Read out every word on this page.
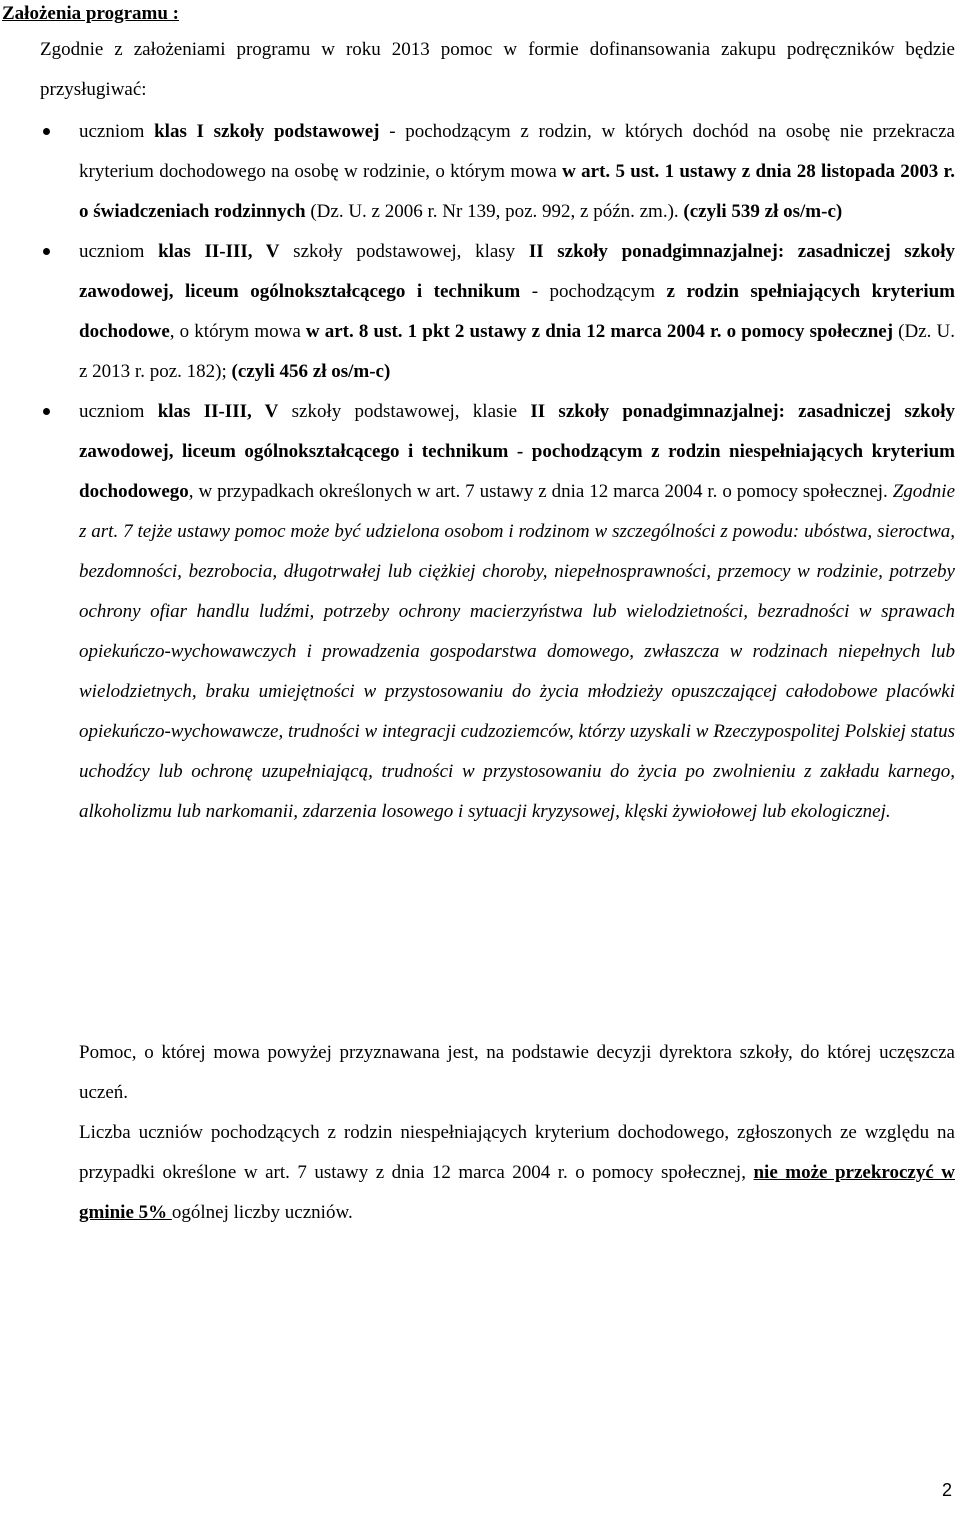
Założenia programu :
Zgodnie z założeniami programu w roku 2013 pomoc w formie dofinansowania zakupu podręczników będzie przysługiwać:
uczniom klas I szkoły podstawowej - pochodzącym z rodzin, w których dochód na osobę nie przekracza kryterium dochodowego na osobę w rodzinie, o którym mowa w art. 5 ust. 1 ustawy z dnia 28 listopada 2003 r. o świadczeniach rodzinnych (Dz. U. z 2006 r. Nr 139, poz. 992, z późn. zm.). (czyli 539 zł os/m-c)
uczniom klas II-III, V szkoły podstawowej, klasy II szkoły ponadgimnazjalnej: zasadniczej szkoły zawodowej, liceum ogólnokształcącego i technikum - pochodzącym z rodzin spełniających kryterium dochodowe, o którym mowa w art. 8 ust. 1 pkt 2 ustawy z dnia 12 marca 2004 r. o pomocy społecznej (Dz. U. z 2013 r. poz. 182); (czyli 456 zł os/m-c)
uczniom klas II-III, V szkoły podstawowej, klasie II szkoły ponadgimnazjalnej: zasadniczej szkoły zawodowej, liceum ogólnokształcącego i technikum - pochodzącym z rodzin niespełniających kryterium dochodowego, w przypadkach określonych w art. 7 ustawy z dnia 12 marca 2004 r. o pomocy społecznej. Zgodnie z art. 7 tejże ustawy pomoc może być udzielona osobom i rodzinom w szczególności z powodu: ubóstwa, sieroctwa, bezdomności, bezrobocia, długotrwałej lub ciężkiej choroby, niepełnosprawności, przemocy w rodzinie, potrzeby ochrony ofiar handlu ludźmi, potrzeby ochrony macierzyństwa lub wielodzietności, bezradności w sprawach opiekuńczo-wychowawczych i prowadzenia gospodarstwa domowego, zwłaszcza w rodzinach niepełnych lub wielodzietnych, braku umiejętności w przystosowaniu do życia młodzieży opuszczającej całodobowe placówki opiekuńczo-wychowawcze, trudności w integracji cudzoziemców, którzy uzyskali w Rzeczypospolitej Polskiej status uchodźcy lub ochronę uzupełniającą, trudności w przystosowaniu do życia po zwolnieniu z zakładu karnego, alkoholizmu lub narkomanii, zdarzenia losowego i sytuacji kryzysowej, klęski żywiołowej lub ekologicznej.
Pomoc, o której mowa powyżej przyznawana jest, na podstawie decyzji dyrektora szkoły, do której uczęszcza uczeń.
Liczba uczniów pochodzących z rodzin niespełniających kryterium dochodowego, zgłoszonych ze względu na przypadki określone w art. 7 ustawy z dnia 12 marca 2004 r. o pomocy społecznej, nie może przekroczyć w gminie 5% ogólnej liczby uczniów.
2
